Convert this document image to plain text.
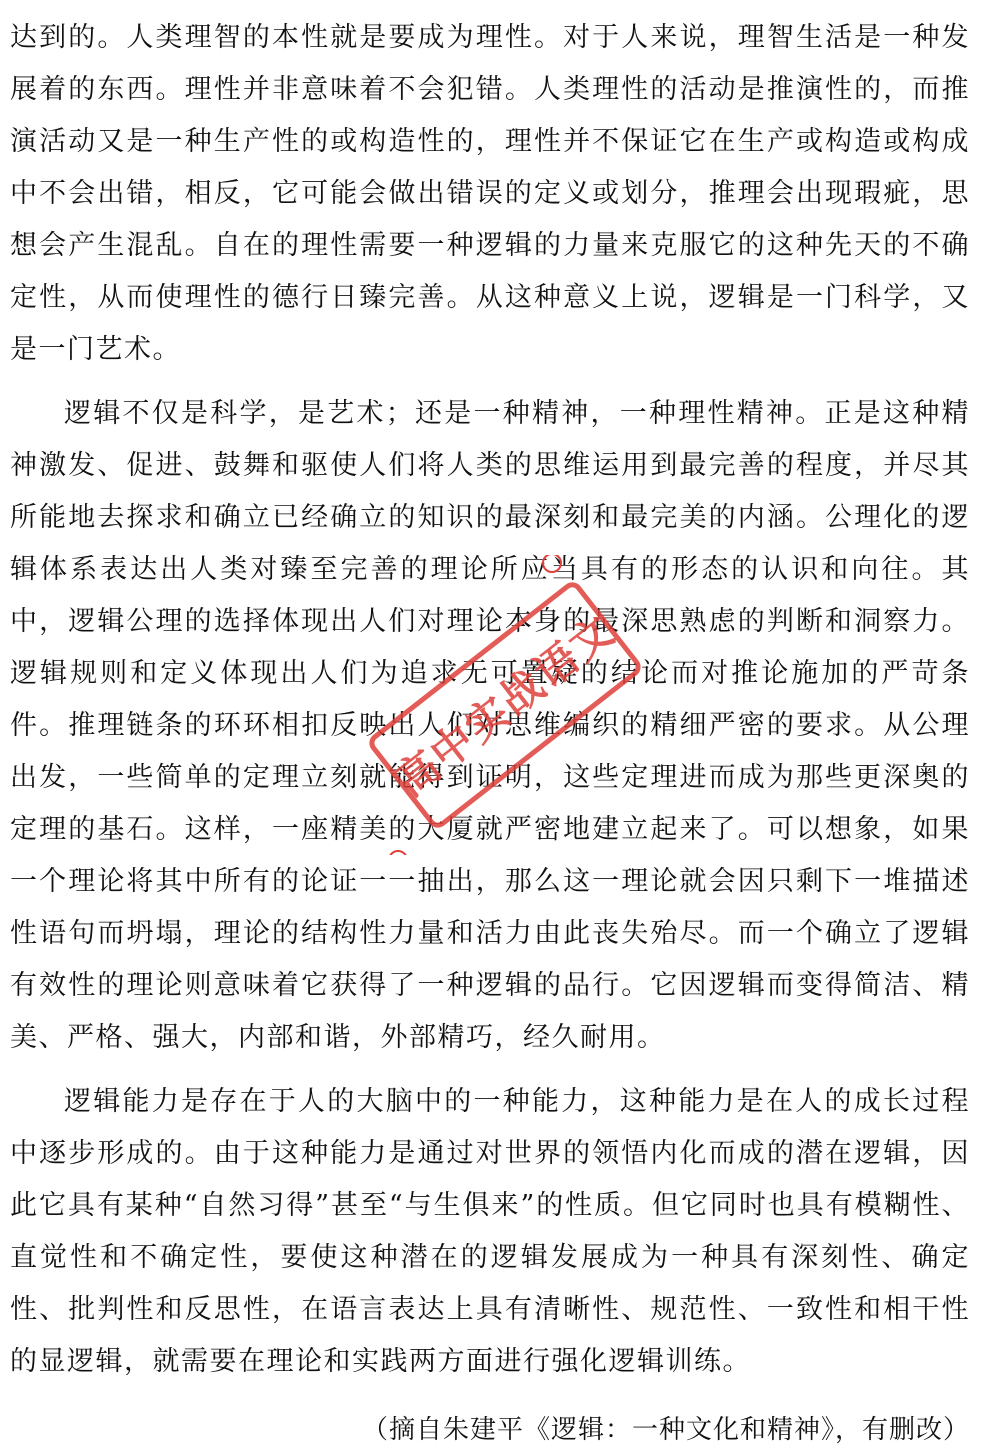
达到的。人类理智的本性就是要成为理性。对于人来说，理智生活是一种发展着的东西。理性并非意味着不会犯错。人类理性的活动是推演性的，而推演活动又是一种生产性的或构造性的，理性并不保证它在生产或构造或构成中不会出错，相反，它可能会做出错误的定义或划分，推理会出现瑕疵，思想会产生混乱。自在的理性需要一种逻辑的力量来克服它的这种先天的不确定性，从而使理性的德行日臻完善。从这种意义上说，逻辑是一门科学，又是一门艺术。

逻辑不仅是科学，是艺术；还是一种精神，一种理性精神。正是这种精神激发、促进、鼓舞和驱使人们将人类的思维运用到最完善的程度，并尽其所能地去探求和确立已经确立的知识的最深刻和最完美的内涵。公理化的逻辑体系表达出人类对臻至完善的理论所应当具有的形态的认识和向往。其中，逻辑公理的选择体现出人们对理论本身的最深思熟虑的判断和洞察力。逻辑规则和定义体现出人们为追求无可置疑的结论而对推论施加的严苛条件。推理链条的环环相扣反映出人们对思维编织的精细严密的要求。从公理出发，一些简单的定理立刻就能得到证明，这些定理进而成为那些更深奥的定理的基石。这样，一座精美的大厦就严密地建立起来了。可以想象，如果一个理论将其中所有的论证一一抽出，那么这一理论就会因只剩下一堆描述性语句而坍塌，理论的结构性力量和活力由此丧失殆尽。而一个确立了逻辑有效性的理论则意味着它获得了一种逻辑的品行。它因逻辑而变得简洁、精美、严格、强大，内部和谐，外部精巧，经久耐用。

逻辑能力是存在于人的大脑中的一种能力，这种能力是在人的成长过程中逐步形成的。由于这种能力是通过对世界的领悟内化而成的潜在逻辑，因此它具有某种“自然习得”甚至“与生俱来”的性质。但它同时也具有模糊性、直觉性和不确定性，要使这种潜在的逻辑发展成为一种具有深刻性、确定性、批判性和反思性，在语言表达上具有清晰性、规范性、一致性和相干性的显逻辑，就需要在理论和实践两方面进行强化逻辑训练。

（摘自朱建平《逻辑：一种文化和精神》，有删改）

高中实战语文
